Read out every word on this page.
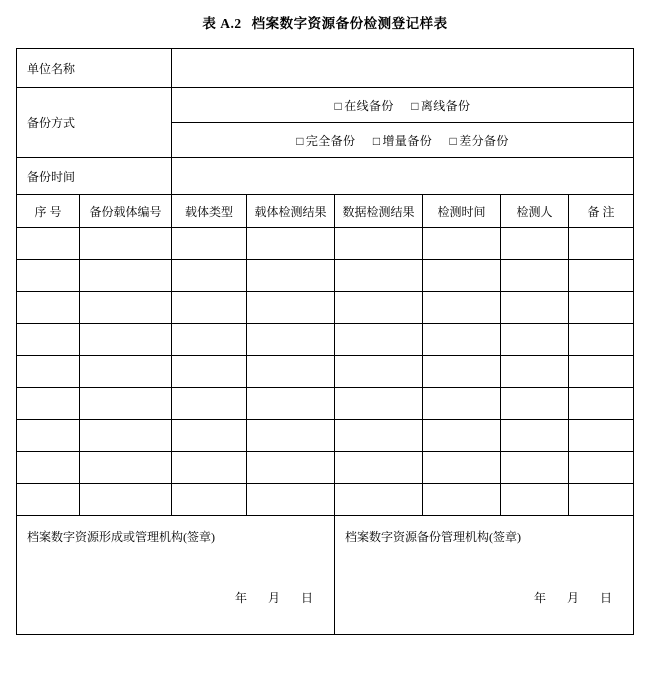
表 A.2 档案数字资源备份检测登记样表
单位名称							
备份方式		□ 在线备份 □ 离线备份					
		□ 完全备份 □ 增量备份 □ 差分备份					
备份时间							
序 号	备份载体编号	载体类型	载体检测结果	数据检测结果	检测时间	检测人	备 注

档案数字资源形成或管理机构(签章)
年 月 日

档案数字资源备份管理机构(签章)
年 月 日
